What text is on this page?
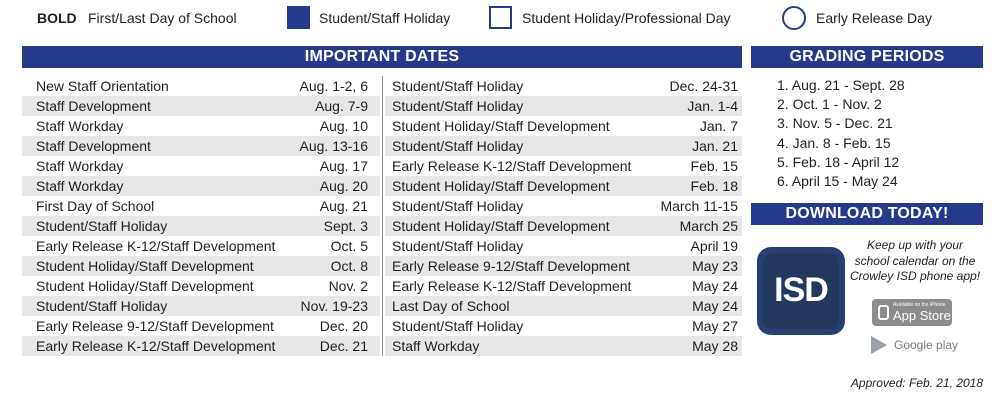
BOLD First/Last Day of School	Student/Staff Holiday	Student Holiday/Professional Day	Early Release Day
IMPORTANT DATES
New Staff Orientation	Aug. 1-2, 6
Staff Development	Aug. 7-9
Staff Workday	Aug. 10
Staff Development	Aug. 13-16
Staff Workday	Aug. 17
Staff Workday	Aug. 20
First Day of School	Aug. 21
Student/Staff Holiday	Sept. 3
Early Release K-12/Staff Development	Oct. 5
Student Holiday/Staff Development	Oct. 8
Student Holiday/Staff Development	Nov. 2
Student/Staff Holiday	Nov. 19-23
Early Release 9-12/Staff Development	Dec. 20
Early Release K-12/Staff Development	Dec. 21
Student/Staff Holiday	Dec. 24-31
Student/Staff Holiday	Jan. 1-4
Student Holiday/Staff Development	Jan. 7
Student/Staff Holiday	Jan. 21
Early Release K-12/Staff Development	Feb. 15
Student Holiday/Staff Development	Feb. 18
Student/Staff Holiday	March 11-15
Student Holiday/Staff Development	March 25
Student/Staff Holiday	April 19
Early Release 9-12/Staff Development	May 23
Early Release K-12/Staff Development	May 24
Last Day of School	May 24
Student/Staff Holiday	May 27
Staff Workday	May 28
GRADING PERIODS
1. Aug. 21 - Sept. 28
2. Oct. 1 - Nov. 2
3. Nov. 5 - Dec. 21
4. Jan. 8 - Feb. 15
5. Feb. 18 - April 12
6. April 15 - May 24
DOWNLOAD TODAY!
ISD
Keep up with your school calendar on the Crowley ISD phone app!
Available on the iPhone
App Store
Google play
Approved: Feb. 21, 2018
